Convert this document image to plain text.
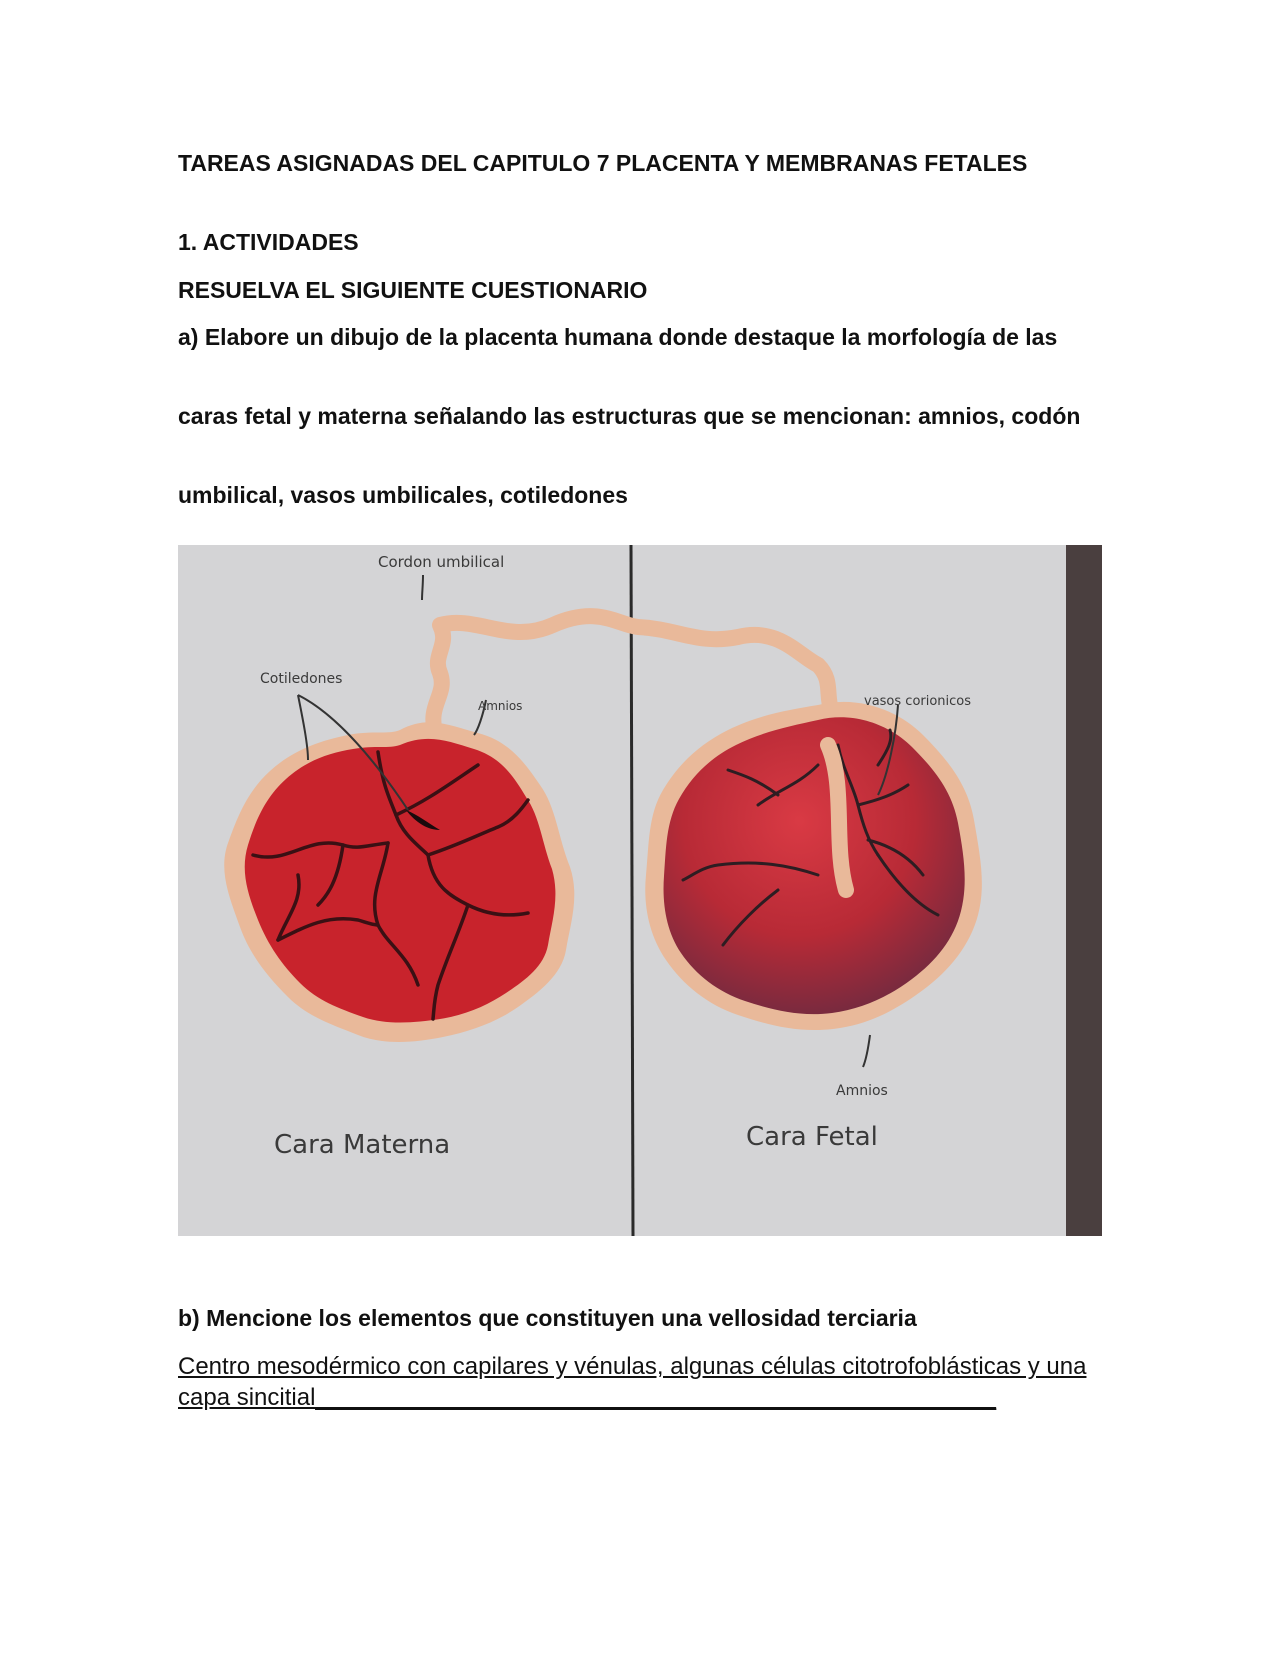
TAREAS ASIGNADAS DEL CAPITULO 7 PLACENTA Y MEMBRANAS FETALES

1. ACTIVIDADES

RESUELVA EL SIGUIENTE CUESTIONARIO

a) Elabore un dibujo de la placenta humana donde destaque la morfología de las

caras fetal y materna señalando las estructuras que se mencionan: amnios, codón

umbilical, vasos umbilicales, cotiledones

Cordon umbilical
Cotiledones
Amnios	vasos corionicos
Amnios
Cara Materna	Cara Fetal

b) Mencione los elementos que constituyen una vellosidad terciaria

Centro mesodérmico con capilares y vénulas, algunas células citotrofoblásticas y una capa sincitial___________________________________________________
